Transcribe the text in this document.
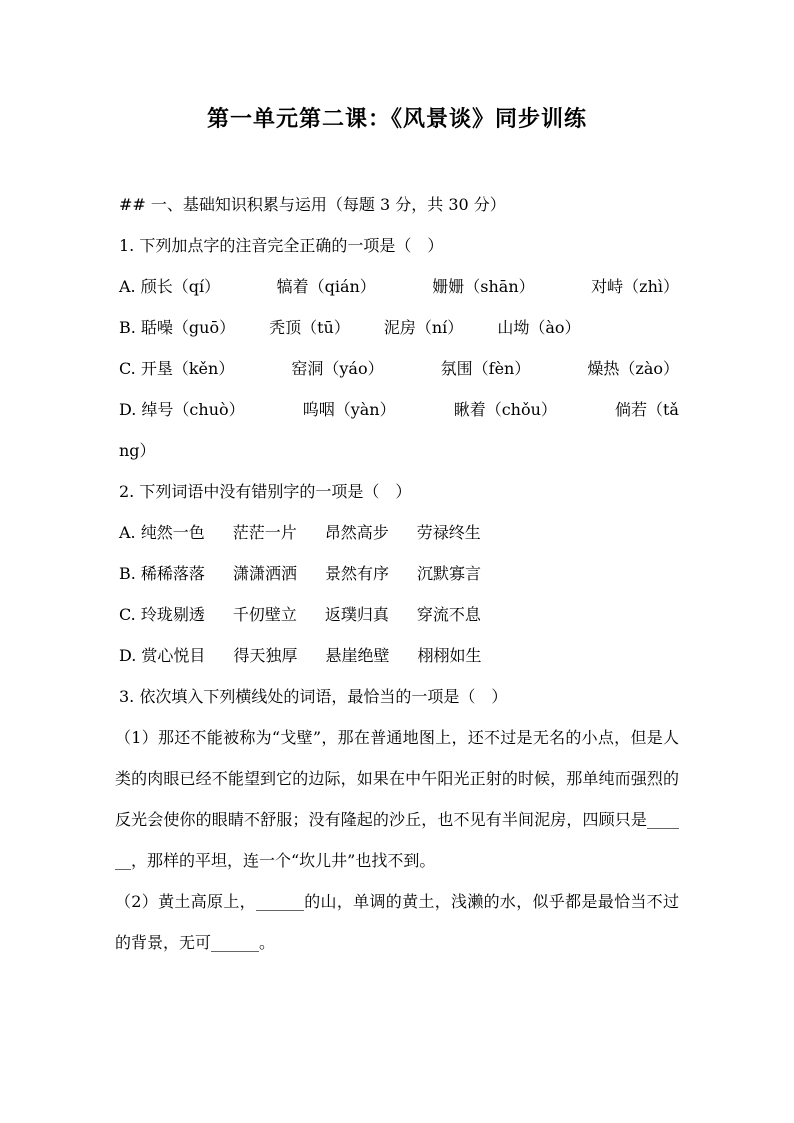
第一单元第二课：《风景谈》同步训练
## 一、基础知识积累与运用（每题 3 分，共 30 分）
1. 下列加点字的注音完全正确的一项是（　）
A. 颀长（qí）	犒着（qián）	姗姗（shān）	对峙（zhì）
B. 聒噪（guō） 秃顶（tū） 泥房（ní） 山坳（ào）
C. 开垦（kěn）	窑洞（yáo）	氛围（fèn）	燥热（zào）
D. 绰号（chuò）	呜咽（yàn）	瞅着（chǒu）	倘若（tǎ
ng）
2. 下列词语中没有错别字的一项是（　）
A. 纯然一色 茫茫一片 昂然高步 劳禄终生
B. 稀稀落落 潇潇洒洒 景然有序 沉默寡言
C. 玲珑剔透 千仞壁立 返璞归真 穿流不息
D. 赏心悦目 得天独厚 悬崖绝壁 栩栩如生
3. 依次填入下列横线处的词语，最恰当的一项是（　）
（1）那还不能被称为“戈壁”，那在普通地图上，还不过是无名的小点，但是人类的肉眼已经不能望到它的边际，如果在中午阳光正射的时候，那单纯而强烈的反光会使你的眼睛不舒服；没有隆起的沙丘，也不见有半间泥房，四顾只是______，那样的平坦，连一个“坎儿井”也找不到。
（2）黄土高原上，______的山，单调的黄土，浅濑的水，似乎都是最恰当不过的背景，无可______。
